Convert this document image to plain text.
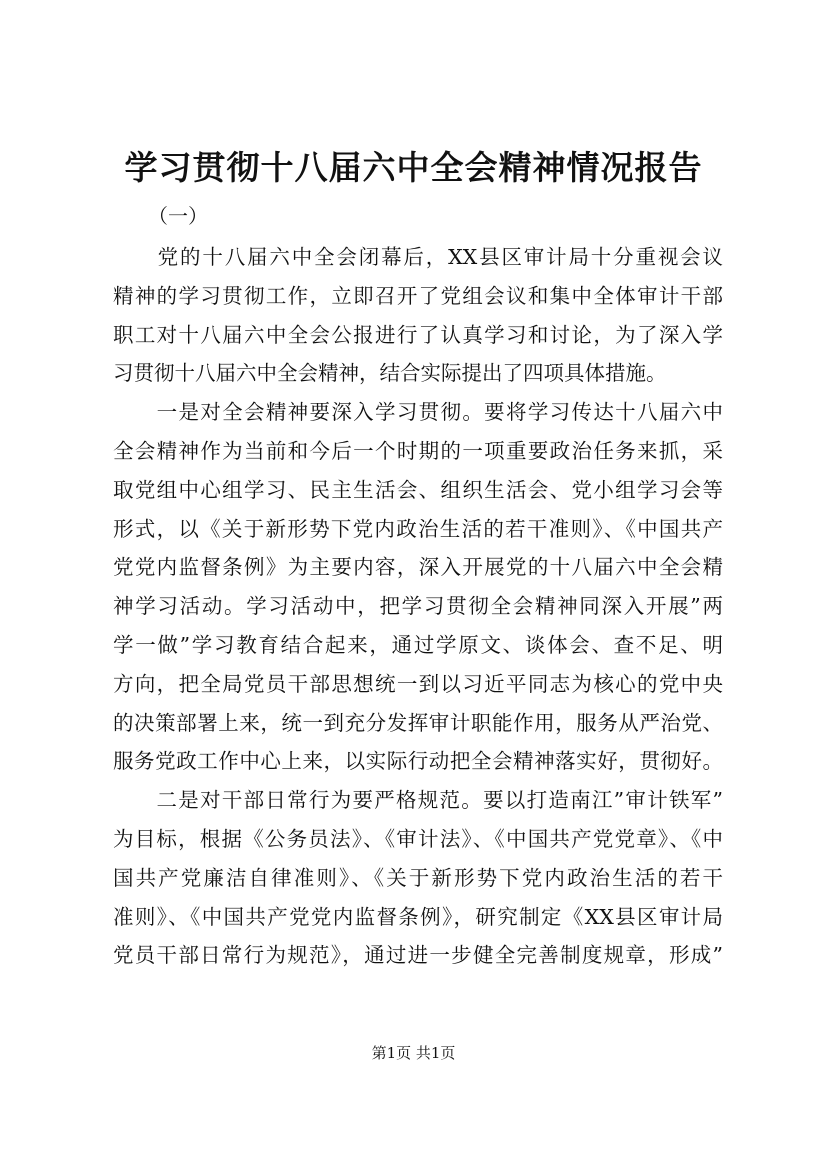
学习贯彻十八届六中全会精神情况报告
（一）
　　党的十八届六中全会闭幕后，XX县区审计局十分重视会议
精神的学习贯彻工作，立即召开了党组会议和集中全体审计干部
职工对十八届六中全会公报进行了认真学习和讨论，为了深入学
习贯彻十八届六中全会精神，结合实际提出了四项具体措施。
　　一是对全会精神要深入学习贯彻。要将学习传达十八届六中
全会精神作为当前和今后一个时期的一项重要政治任务来抓，采
取党组中心组学习、民主生活会、组织生活会、党小组学习会等
形式，以《关于新形势下党内政治生活的若干准则》、《中国共产
党党内监督条例》为主要内容，深入开展党的十八届六中全会精
神学习活动。学习活动中，把学习贯彻全会精神同深入开展”两
学一做”学习教育结合起来，通过学原文、谈体会、查不足、明
方向，把全局党员干部思想统一到以习近平同志为核心的党中央
的决策部署上来，统一到充分发挥审计职能作用，服务从严治党、
服务党政工作中心上来，以实际行动把全会精神落实好，贯彻好。
　　二是对干部日常行为要严格规范。要以打造南江”审计铁军”
为目标，根据《公务员法》、《审计法》、《中国共产党党章》、《中
国共产党廉洁自律准则》、《关于新形势下党内政治生活的若干
准则》、《中国共产党党内监督条例》，研究制定《XX县区审计局
党员干部日常行为规范》，通过进一步健全完善制度规章，形成”
第1页 共1页
